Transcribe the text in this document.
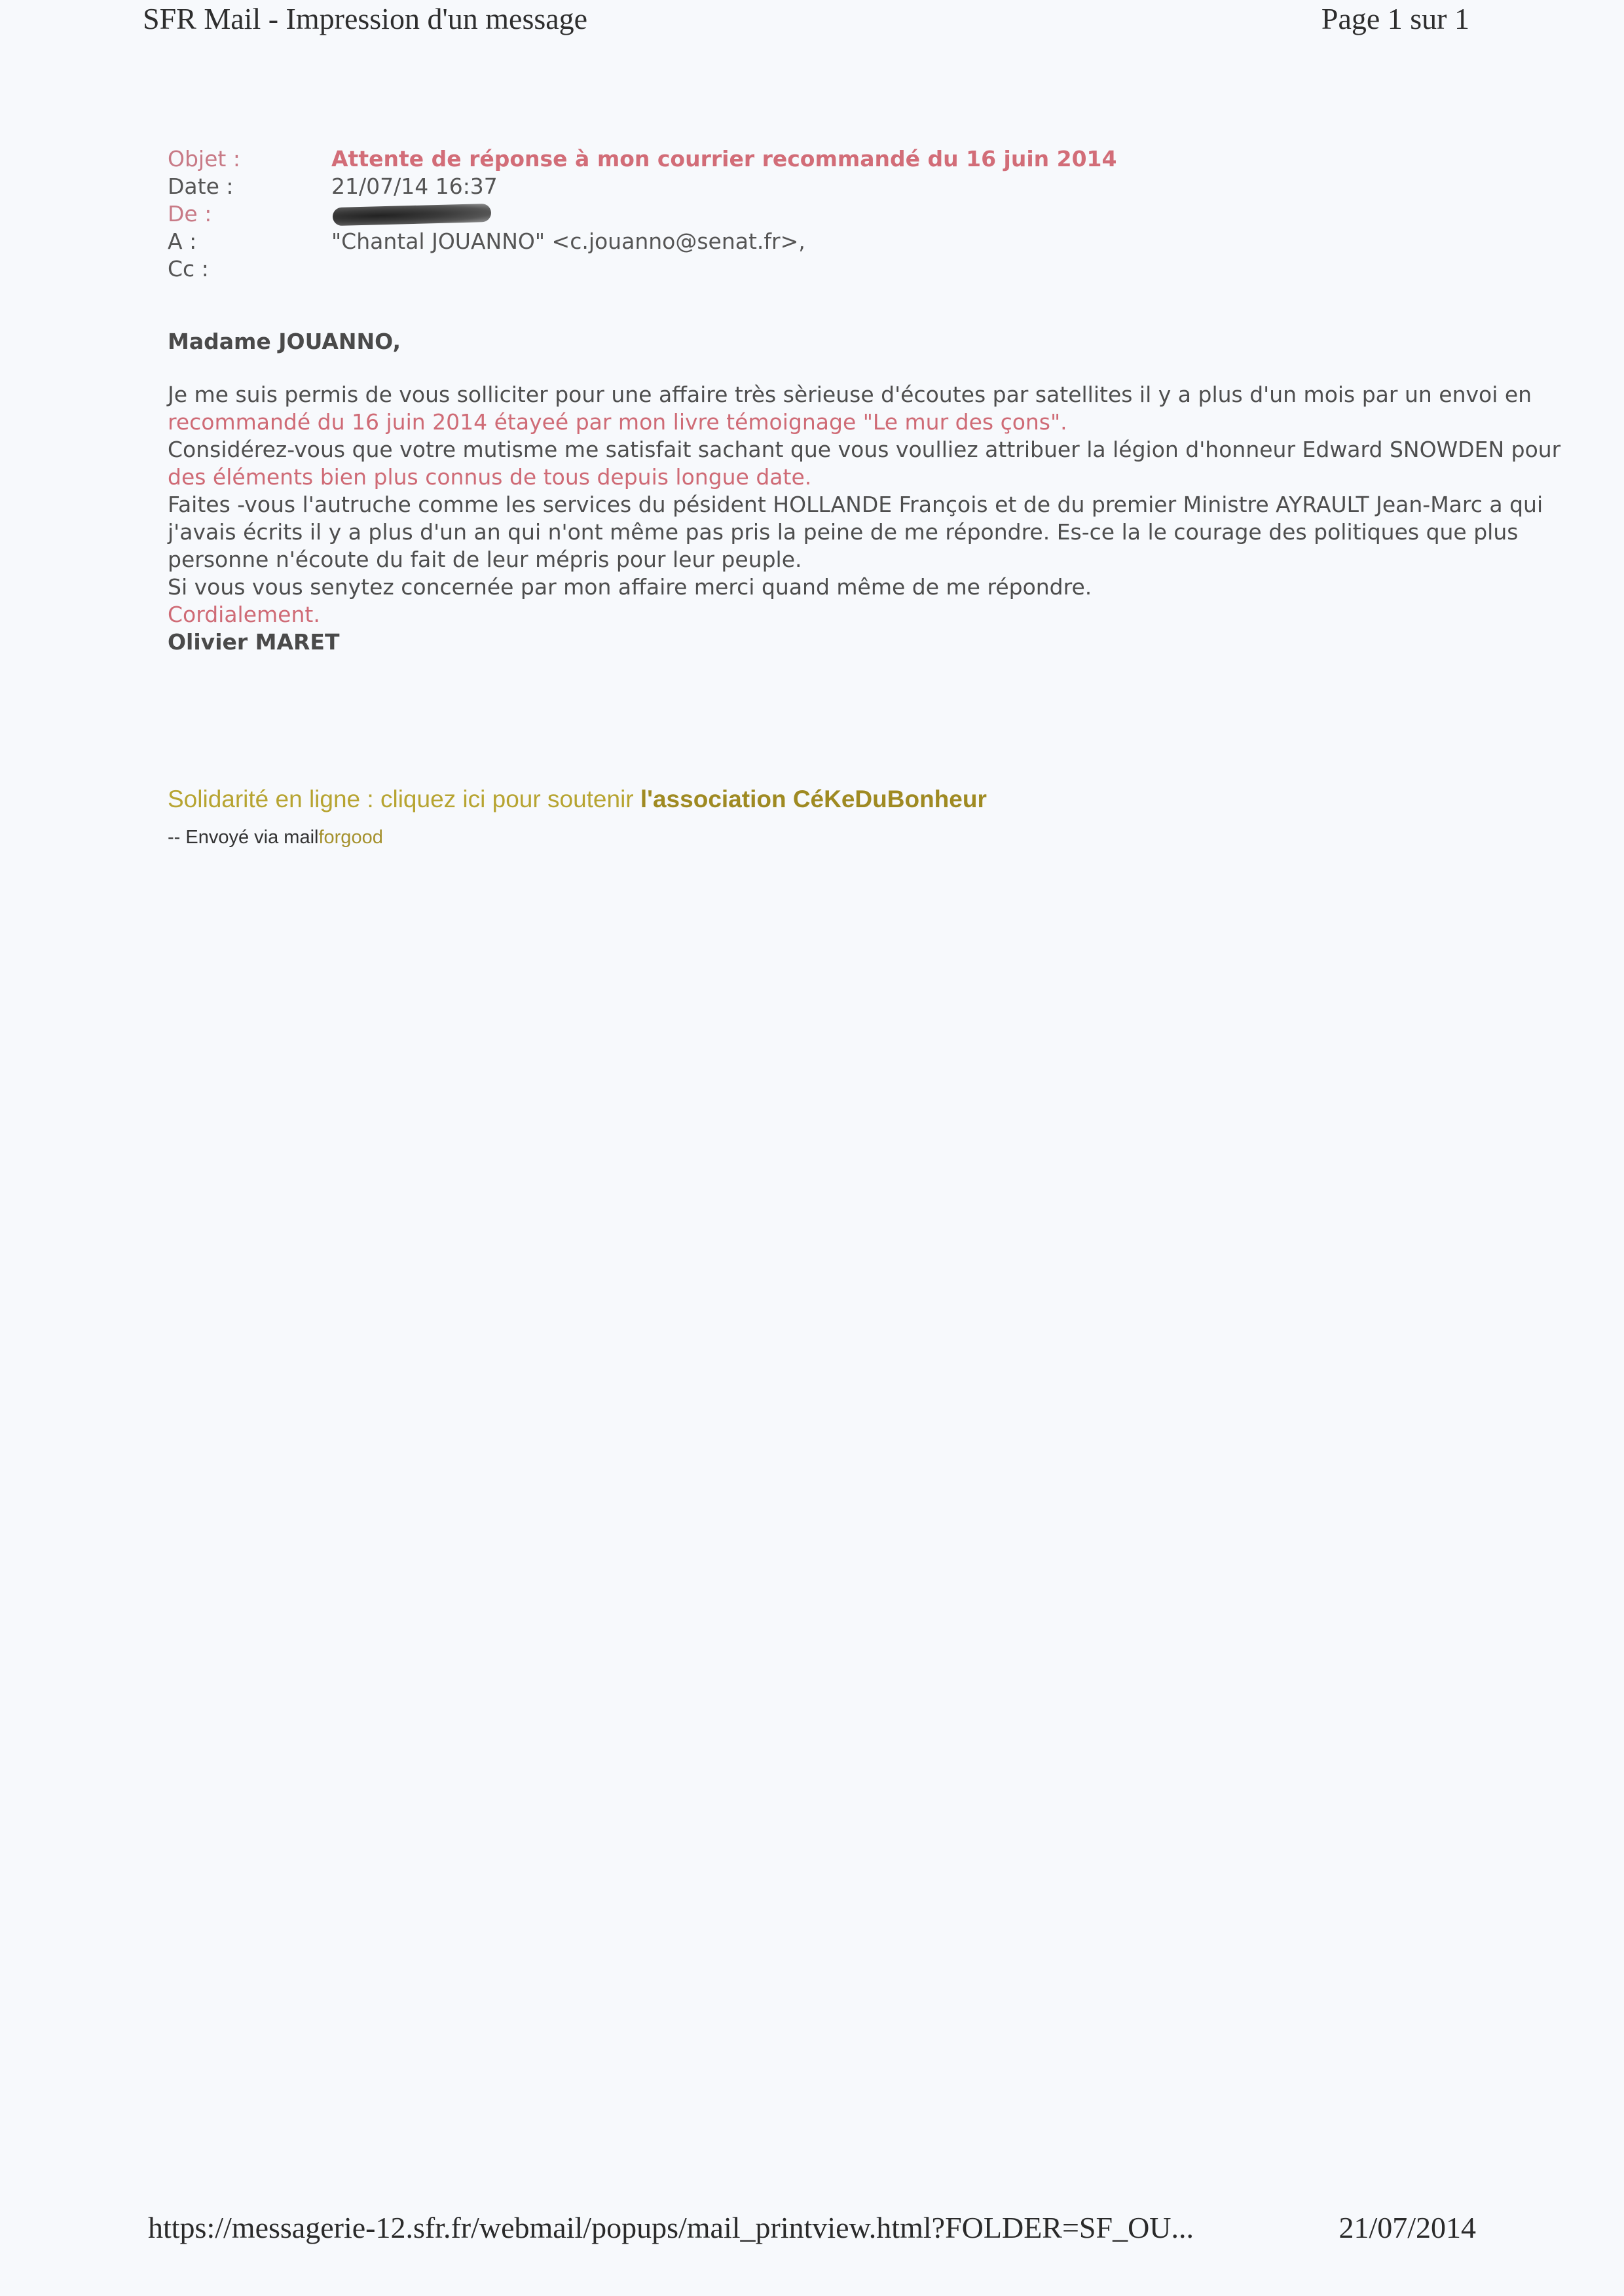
SFR Mail - Impression d'un message	Page 1 sur 1
Objet :	Attente de réponse à mon courrier recommandé du 16 juin 2014
Date :	21/07/14 16:37
De :
A :	"Chantal JOUANNO" <c.jouanno@senat.fr>,
Cc :
Madame JOUANNO,
Je me suis permis de vous solliciter pour une affaire très sèrieuse d'écoutes par satellites il y a plus d'un mois par un envoi en
recommandé du 16 juin 2014 étayeé par mon livre témoignage "Le mur des çons".
Considérez-vous que votre mutisme me satisfait sachant que vous voulliez attribuer la légion d'honneur Edward SNOWDEN pour
des éléments bien plus connus de tous depuis longue date.
Faites -vous l'autruche comme les services du pésident HOLLANDE François et de du premier Ministre AYRAULT Jean-Marc a qui
j'avais écrits il y a plus d'un an qui n'ont même pas pris la peine de me répondre. Es-ce la le courage des politiques que plus
personne n'écoute du fait de leur mépris pour leur peuple.
Si vous vous senytez concernée par mon affaire merci quand même de me répondre.
Cordialement.
Olivier MARET
Solidarité en ligne : cliquez ici pour soutenir l'association CéKeDuBonheur
-- Envoyé via mailforgood
https://messagerie-12.sfr.fr/webmail/popups/mail_printview.html?FOLDER=SF_OU...	21/07/2014
